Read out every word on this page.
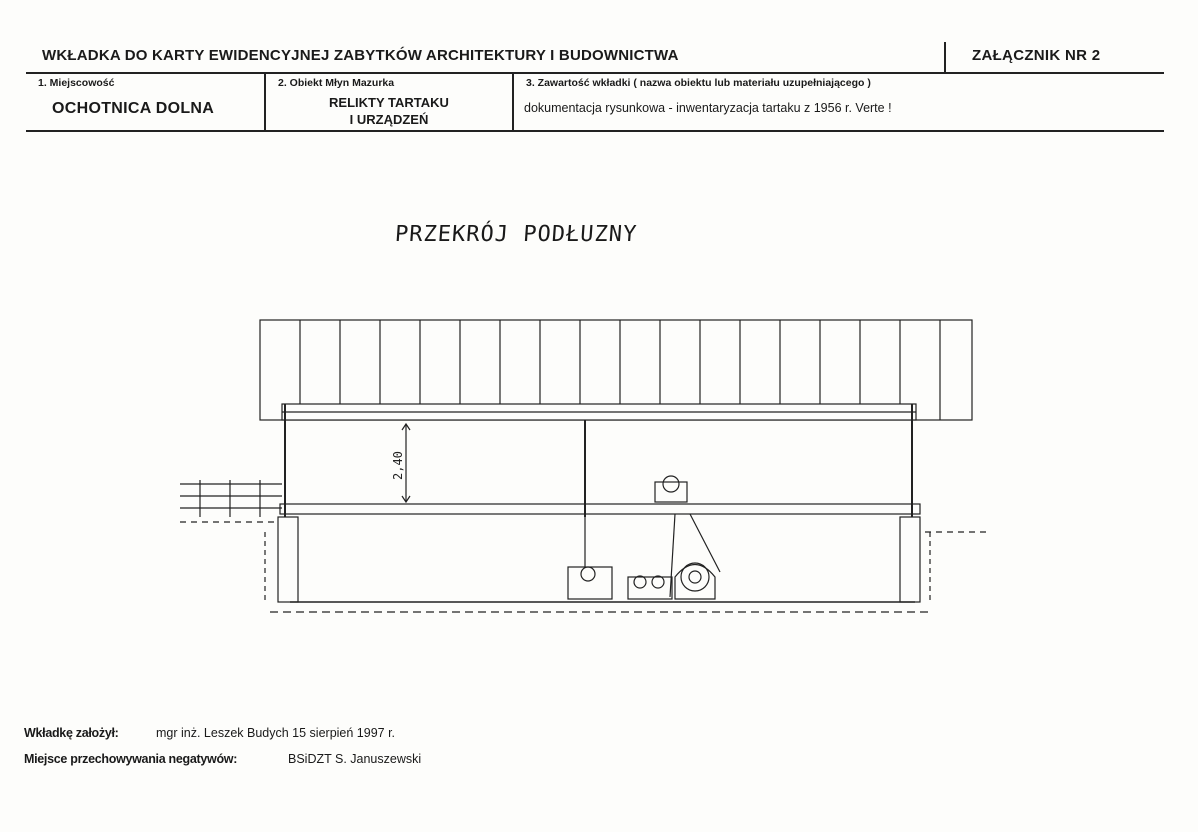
WKŁADKA DO KARTY EWIDENCYJNEJ ZABYTKÓW ARCHITEKTURY I BUDOWNICTWA	ZAŁĄCZNIK NR 2
1. Miejscowość
OCHOTNICA DOLNA
2. Obiekt Młyn Mazurka
RELIKTY TARTAKU
I URZĄDZEŃ
3. Zawartość wkładki ( nazwa obiektu lub materiału uzupełniającego )
dokumentacja rysunkowa - inwentaryzacja tartaku z 1956 r. Verte !
PRZEKRÓJ PODŁUZNY
2,40
Wkładkę założył:	mgr inż. Leszek Budych 15 sierpień 1997 r.
Miejsce przechowywania negatywów:	BSiDZT S. Januszewski
